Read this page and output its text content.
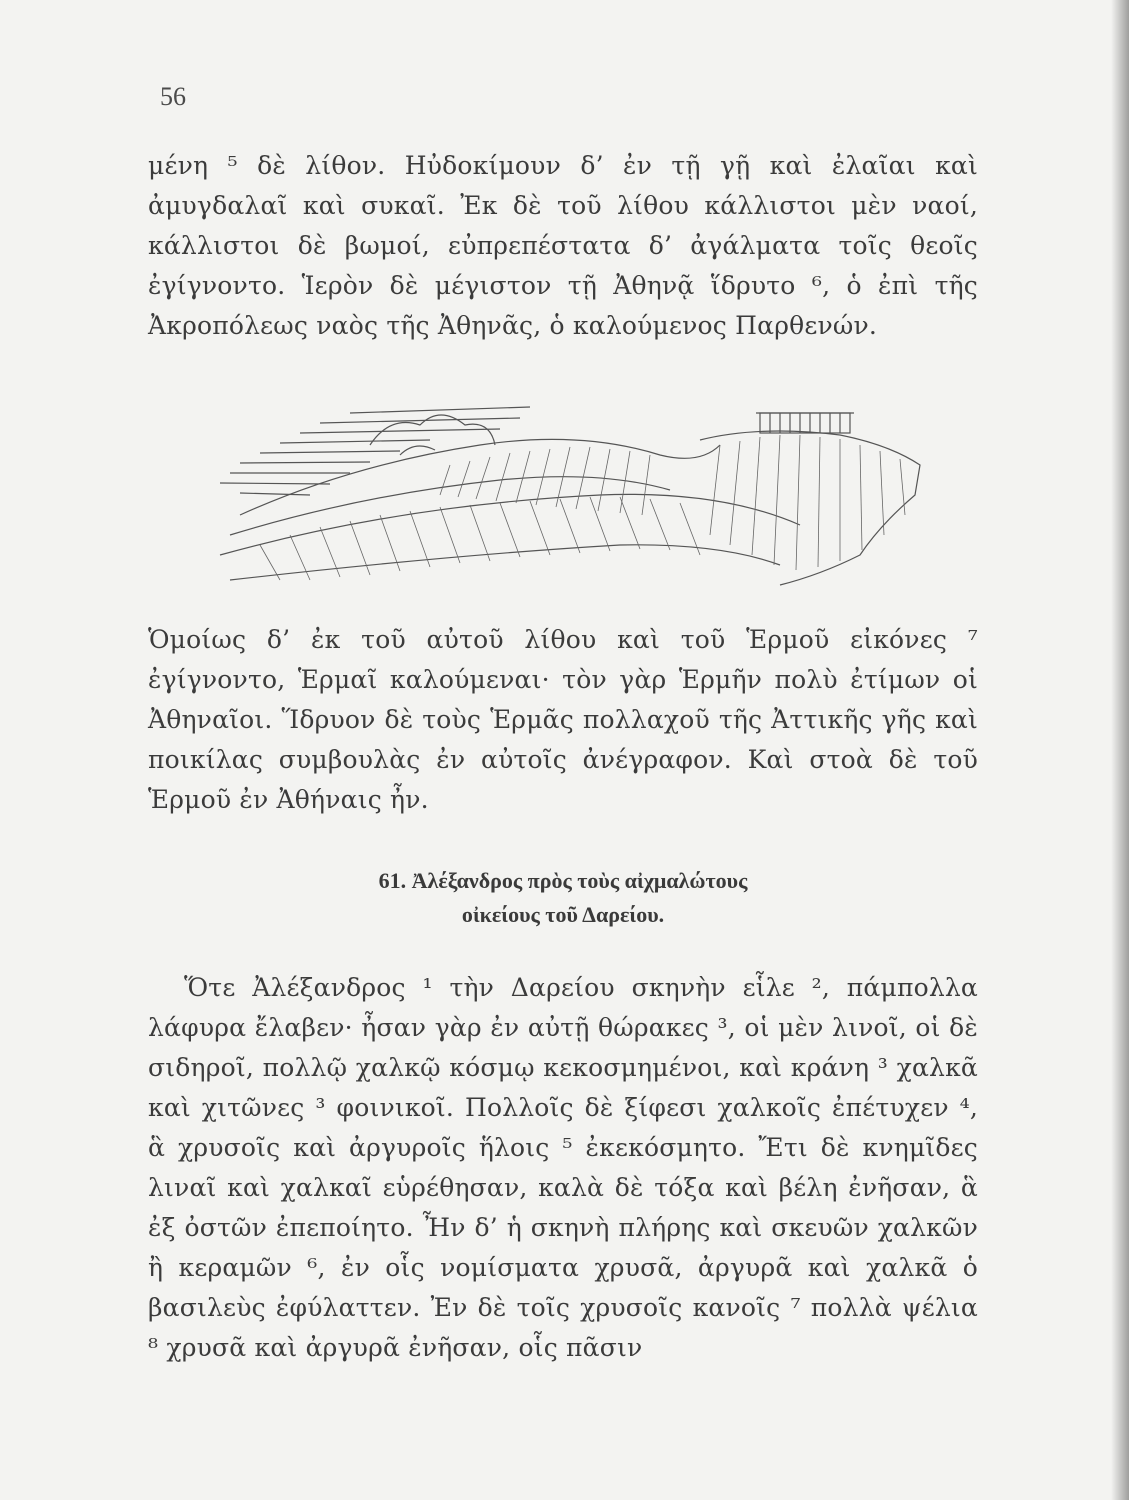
56

μένη ⁵ δὲ λίθον. Ηὐδοκίμουν δ’ ἐν τῇ γῇ καὶ ἐλαῖαι καὶ ἀμυγδαλαῖ καὶ συκαῖ. Ἐκ δὲ τοῦ λίθου κάλλιστοι μὲν ναοί, κάλλιστοι δὲ βωμοί, εὐπρεπέστατα δ’ ἀγάλματα τοῖς θεοῖς ἐγίγνοντο. Ἱερὸν δὲ μέγιστον τῇ Ἀθηνᾷ ἵδρυτο ⁶, ὁ ἐπὶ τῆς Ἀκροπόλεως ναὸς τῆς Ἀθηνᾶς, ὁ καλούμενος Παρθενών.

Ὁμοίως δ’ ἐκ τοῦ αὐτοῦ λίθου καὶ τοῦ Ἑρμοῦ εἰκόνες ⁷ ἐγίγνοντο, Ἑρμαῖ καλούμεναι· τὸν γὰρ Ἑρμῆν πολὺ ἐτίμων οἱ Ἀθηναῖοι. Ἵδρυον δὲ τοὺς Ἑρμᾶς πολλαχοῦ τῆς Ἀττικῆς γῆς καὶ ποικίλας συμβουλὰς ἐν αὐτοῖς ἀνέγραφον. Καὶ στοὰ δὲ τοῦ Ἑρμοῦ ἐν Ἀθήναις ἦν.

61. Ἀλέξανδρος πρὸς τοὺς αἰχμαλώτους
οἰκείους τοῦ Δαρείου.

Ὅτε Ἀλέξανδρος ¹ τὴν Δαρείου σκηνὴν εἷλε ², πάμπολλα λάφυρα ἔλαβεν· ἦσαν γὰρ ἐν αὐτῇ θώρακες ³, οἱ μὲν λινοῖ, οἱ δὲ σιδηροῖ, πολλῷ χαλκῷ κόσμῳ κεκοσμημένοι, καὶ κράνη ³ χαλκᾶ καὶ χιτῶνες ³ φοινικοῖ. Πολλοῖς δὲ ξίφεσι χαλκοῖς ἐπέτυχεν ⁴, ἃ χρυσοῖς καὶ ἀργυροῖς ἥλοις ⁵ ἐκεκόσμητο. Ἔτι δὲ κνημῖδες λιναῖ καὶ χαλκαῖ εὑρέθησαν, καλὰ δὲ τόξα καὶ βέλη ἐνῆσαν, ἃ ἐξ ὀστῶν ἐπεποίητο. Ἦν δ’ ἡ σκηνὴ πλήρης καὶ σκευῶν χαλκῶν ἢ κεραμῶν ⁶, ἐν οἷς νομίσματα χρυσᾶ, ἀργυρᾶ καὶ χαλκᾶ ὁ βασιλεὺς ἐφύλαττεν. Ἐν δὲ τοῖς χρυσοῖς κανοῖς ⁷ πολλὰ ψέλια ⁸ χρυσᾶ καὶ ἀργυρᾶ ἐνῆσαν, οἷς πᾶσιν
